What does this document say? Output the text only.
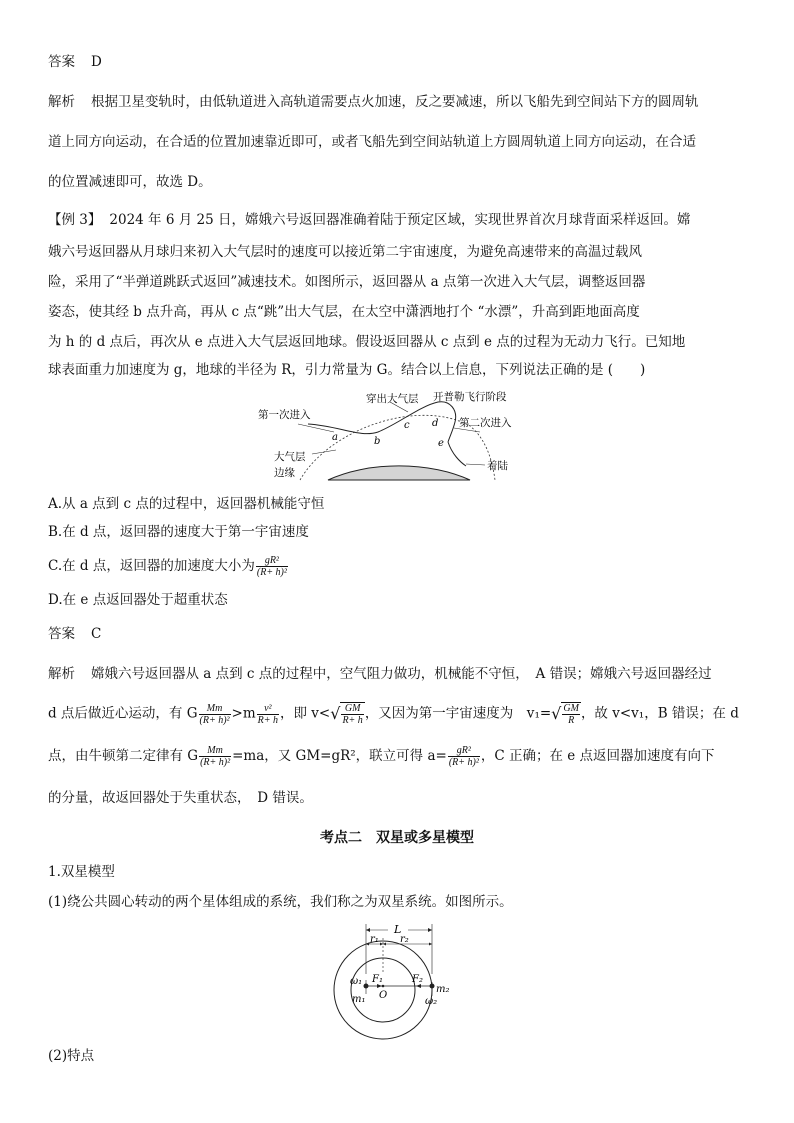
答案 D
解析 根据卫星变轨时，由低轨道进入高轨道需要点火加速，反之要减速，所以飞船先到空间站下方的圆周轨
道上同方向运动，在合适的位置加速靠近即可，或者飞船先到空间站轨道上方圆周轨道上同方向运动，在合适
的位置减速即可，故选 D。
【例 3】 2024 年 6 月 25 日，嫦娥六号返回器准确着陆于预定区域，实现世界首次月球背面采样返回。嫦
娥六号返回器从月球归来初入大气层时的速度可以接近第二宇宙速度，为避免高速带来的高温过载风
险，采用了“半弹道跳跃式返回”减速技术。如图所示，返回器从 a 点第一次进入大气层，调整返回器
姿态，使其经 b 点升高，再从 c 点“跳”出大气层，在太空中潇洒地打个 “水漂”，升高到距地面高度
为 h 的 d 点后，再次从 e 点进入大气层返回地球。假设返回器从 c 点到 e 点的过程为无动力飞行。已知地
球表面重力加速度为 g，地球的半径为 R，引力常量为 G。结合以上信息，下列说法正确的是 (　　)
第一次进入
穿出大气层 开普勒飞行阶段
第二次进入
大气层
边缘
着陆
a	b
c d
e
A.从 a 点到 c 点的过程中，返回器机械能守恒
B.在 d 点，返回器的速度大于第一宇宙速度
C.在 d 点，返回器的加速度大小为 $\frac{\text{gR²}}{\text{(R+ h)²}}$
D.在 e 点返回器处于超重状态
答案 C
解析 嫦娥六号返回器从 a 点到 c 点的过程中，空气阻力做功，机械能不守恒，　A 错误；嫦娥六号返回器经过
d 点后做近心运动，有 G $\frac{Mm}{\text{(R+ h)²}} >m \frac{\text{v²}}{R+ h}$ ，即 $v<√ \frac{GM}{R+ h}$ ，又因为第一宇宙速度为　$v_1=√ \frac{GM}{R}$ ，故 v<v₁，B 错误；在 d
点，由牛顿第二定律有 G $\frac{Mm}{\text{(R+ h)²}} =ma$，又 GM=gR²，联立可得 $a= \frac{\text{gR²}}{\text{(R+ h)²}}$ ，C 正确；在 e 点返回器加速度有向下
的分量，故返回器处于失重状态，　D 错误。
考点二　双星或多星模型
1.双星模型
(1)绕公共圆心转动的两个星体组成的系统，我们称之为双星系统。如图所示。
L
r₁ r₂
F₁	F₂
O
m₁
m₂
ω₁
ω₂
(2)特点
